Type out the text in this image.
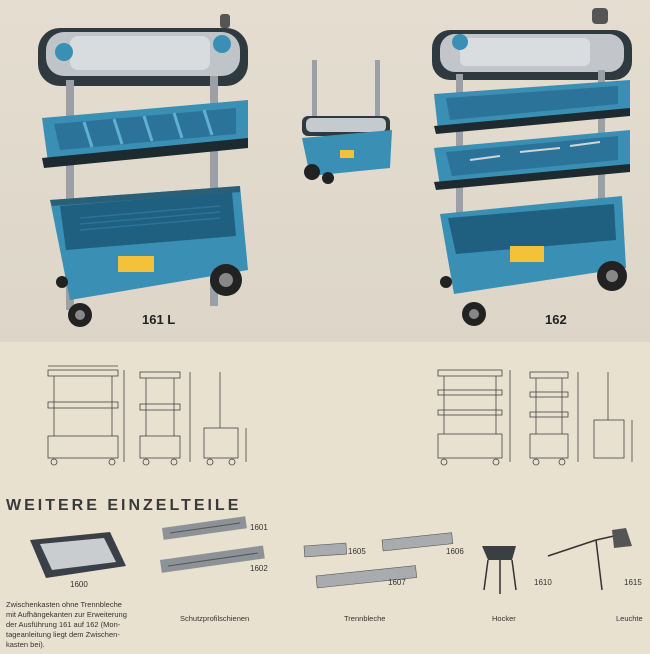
161 L	162
WEITERE EINZELTEILE
1600
1601
1602
1605	1606
1607	1610	1615
Zwischenkasten ohne Trennbleche
mit Aufhängekanten zur Erweiterung
der Ausführung 161 auf 162 (Mon-
tageanleitung liegt dem Zwischen-
kasten bei).
Schutzprofilschienen	Trennbleche	Hocker	Leuchte
